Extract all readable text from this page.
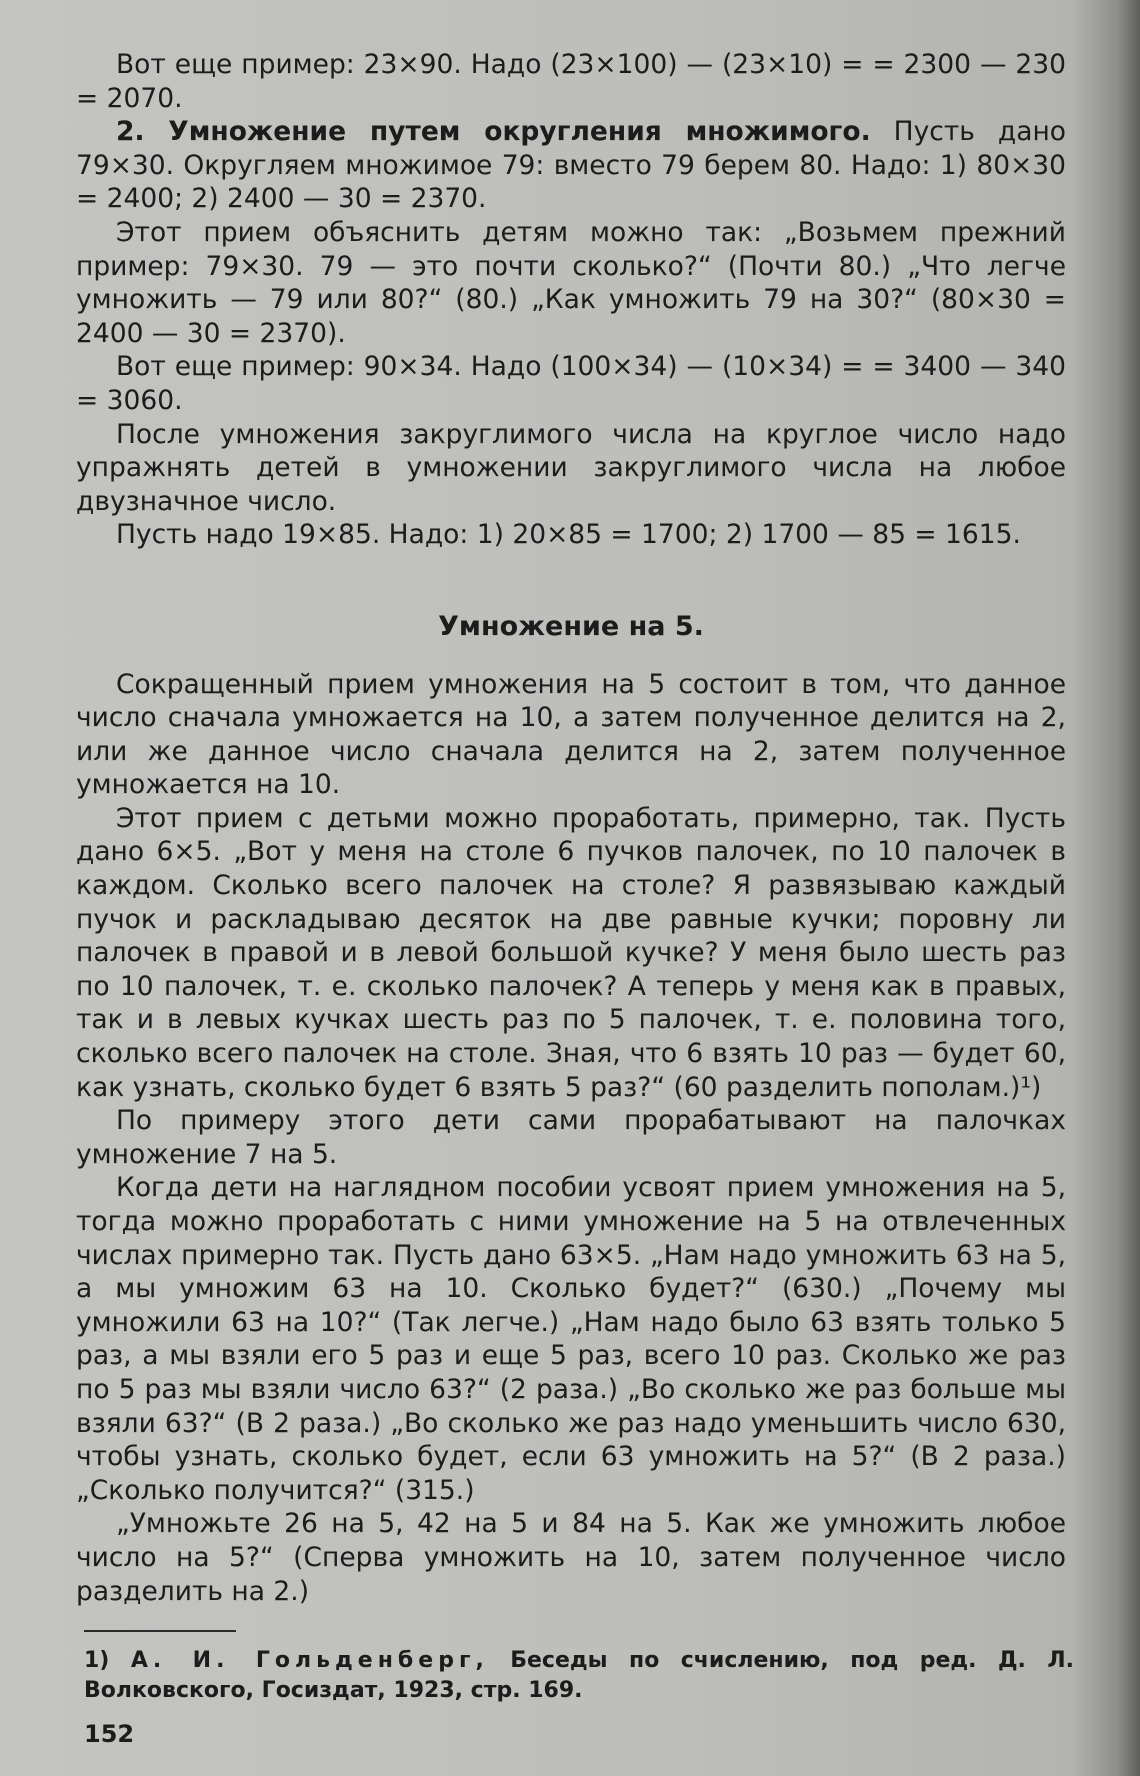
Вот еще пример: 23×90. Надо (23×100) — (23×10) = = 2300 — 230 = 2070.

2. Умножение путем округления множимого. Пусть дано 79×30. Округляем множимое 79: вместо 79 берем 80. Надо: 1) 80×30 = 2400; 2) 2400 — 30 = 2370.

Этот прием объяснить детям можно так: „Возьмем прежний пример: 79×30. 79 — это почти сколько?“ (Почти 80.) „Что легче умножить — 79 или 80?“ (80.) „Как умножить 79 на 30?“ (80×30 = 2400 — 30 = 2370).

Вот еще пример: 90×34. Надо (100×34) — (10×34) = = 3400 — 340 = 3060.

После умножения закруглимого числа на круглое число надо упражнять детей в умножении закруглимого числа на любое двузначное число.

Пусть надо 19×85. Надо: 1) 20×85 = 1700; 2) 1700 — 85 = 1615.

Умножение на 5.

Сокращенный прием умножения на 5 состоит в том, что данное число сначала умножается на 10, а затем полученное делится на 2, или же данное число сначала делится на 2, затем полученное умножается на 10.

Этот прием с детьми можно проработать, примерно, так. Пусть дано 6×5. „Вот у меня на столе 6 пучков палочек, по 10 палочек в каждом. Сколько всего палочек на столе? Я развязываю каждый пучок и раскладываю десяток на две равные кучки; поровну ли палочек в правой и в левой большой кучке? У меня было шесть раз по 10 палочек, т. е. сколько палочек? А теперь у меня как в правых, так и в левых кучках шесть раз по 5 палочек, т. е. половина того, сколько всего палочек на столе. Зная, что 6 взять 10 раз — будет 60, как узнать, сколько будет 6 взять 5 раз?“ (60 разделить пополам.)¹)

По примеру этого дети сами прорабатывают на палочках умножение 7 на 5.

Когда дети на наглядном пособии усвоят прием умножения на 5, тогда можно проработать с ними умножение на 5 на отвлеченных числах примерно так. Пусть дано 63×5. „Нам надо умножить 63 на 5, а мы умножим 63 на 10. Сколько будет?“ (630.) „Почему мы умножили 63 на 10?“ (Так легче.) „Нам надо было 63 взять только 5 раз, а мы взяли его 5 раз и еще 5 раз, всего 10 раз. Сколько же раз по 5 раз мы взяли число 63?“ (2 раза.) „Во сколько же раз больше мы взяли 63?“ (В 2 раза.) „Во сколько же раз надо уменьшить число 630, чтобы узнать, сколько будет, если 63 умножить на 5?“ (В 2 раза.) „Сколько получится?“ (315.)

„Умножьте 26 на 5, 42 на 5 и 84 на 5. Как же умножить любое число на 5?“ (Сперва умножить на 10, затем полученное число разделить на 2.)

1) А. И. Гольденберг, Беседы по счислению, под ред. Д. Л. Волковского, Госиздат, 1923, стр. 169.
152
